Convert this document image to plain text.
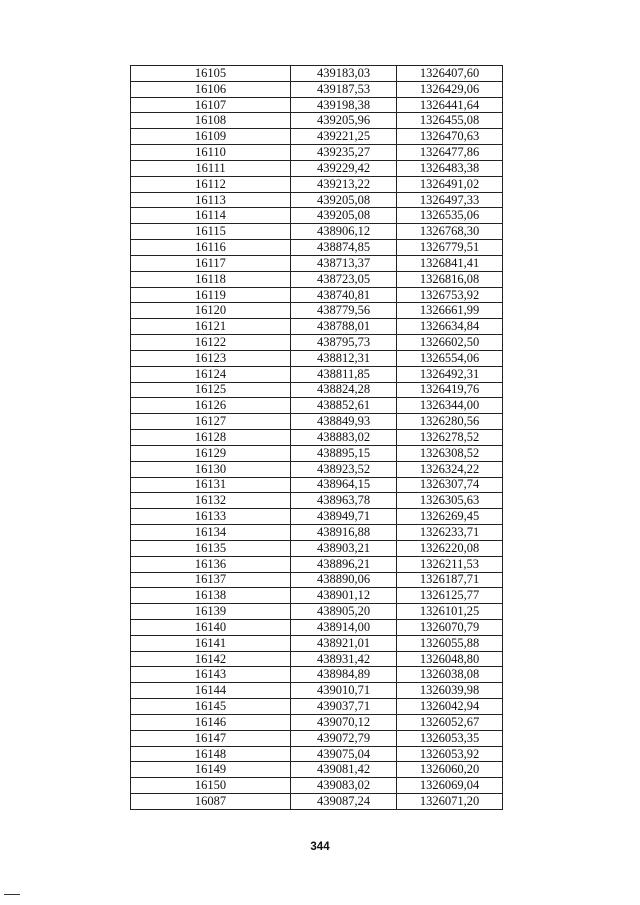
16105	439183,03	1326407,60
16106	439187,53	1326429,06
16107	439198,38	1326441,64
16108	439205,96	1326455,08
16109	439221,25	1326470,63
16110	439235,27	1326477,86
16111	439229,42	1326483,38
16112	439213,22	1326491,02
16113	439205,08	1326497,33
16114	439205,08	1326535,06
16115	438906,12	1326768,30
16116	438874,85	1326779,51
16117	438713,37	1326841,41
16118	438723,05	1326816,08
16119	438740,81	1326753,92
16120	438779,56	1326661,99
16121	438788,01	1326634,84
16122	438795,73	1326602,50
16123	438812,31	1326554,06
16124	438811,85	1326492,31
16125	438824,28	1326419,76
16126	438852,61	1326344,00
16127	438849,93	1326280,56
16128	438883,02	1326278,52
16129	438895,15	1326308,52
16130	438923,52	1326324,22
16131	438964,15	1326307,74
16132	438963,78	1326305,63
16133	438949,71	1326269,45
16134	438916,88	1326233,71
16135	438903,21	1326220,08
16136	438896,21	1326211,53
16137	438890,06	1326187,71
16138	438901,12	1326125,77
16139	438905,20	1326101,25
16140	438914,00	1326070,79
16141	438921,01	1326055,88
16142	438931,42	1326048,80
16143	438984,89	1326038,08
16144	439010,71	1326039,98
16145	439037,71	1326042,94
16146	439070,12	1326052,67
16147	439072,79	1326053,35
16148	439075,04	1326053,92
16149	439081,42	1326060,20
16150	439083,02	1326069,04
16087	439087,24	1326071,20
344
